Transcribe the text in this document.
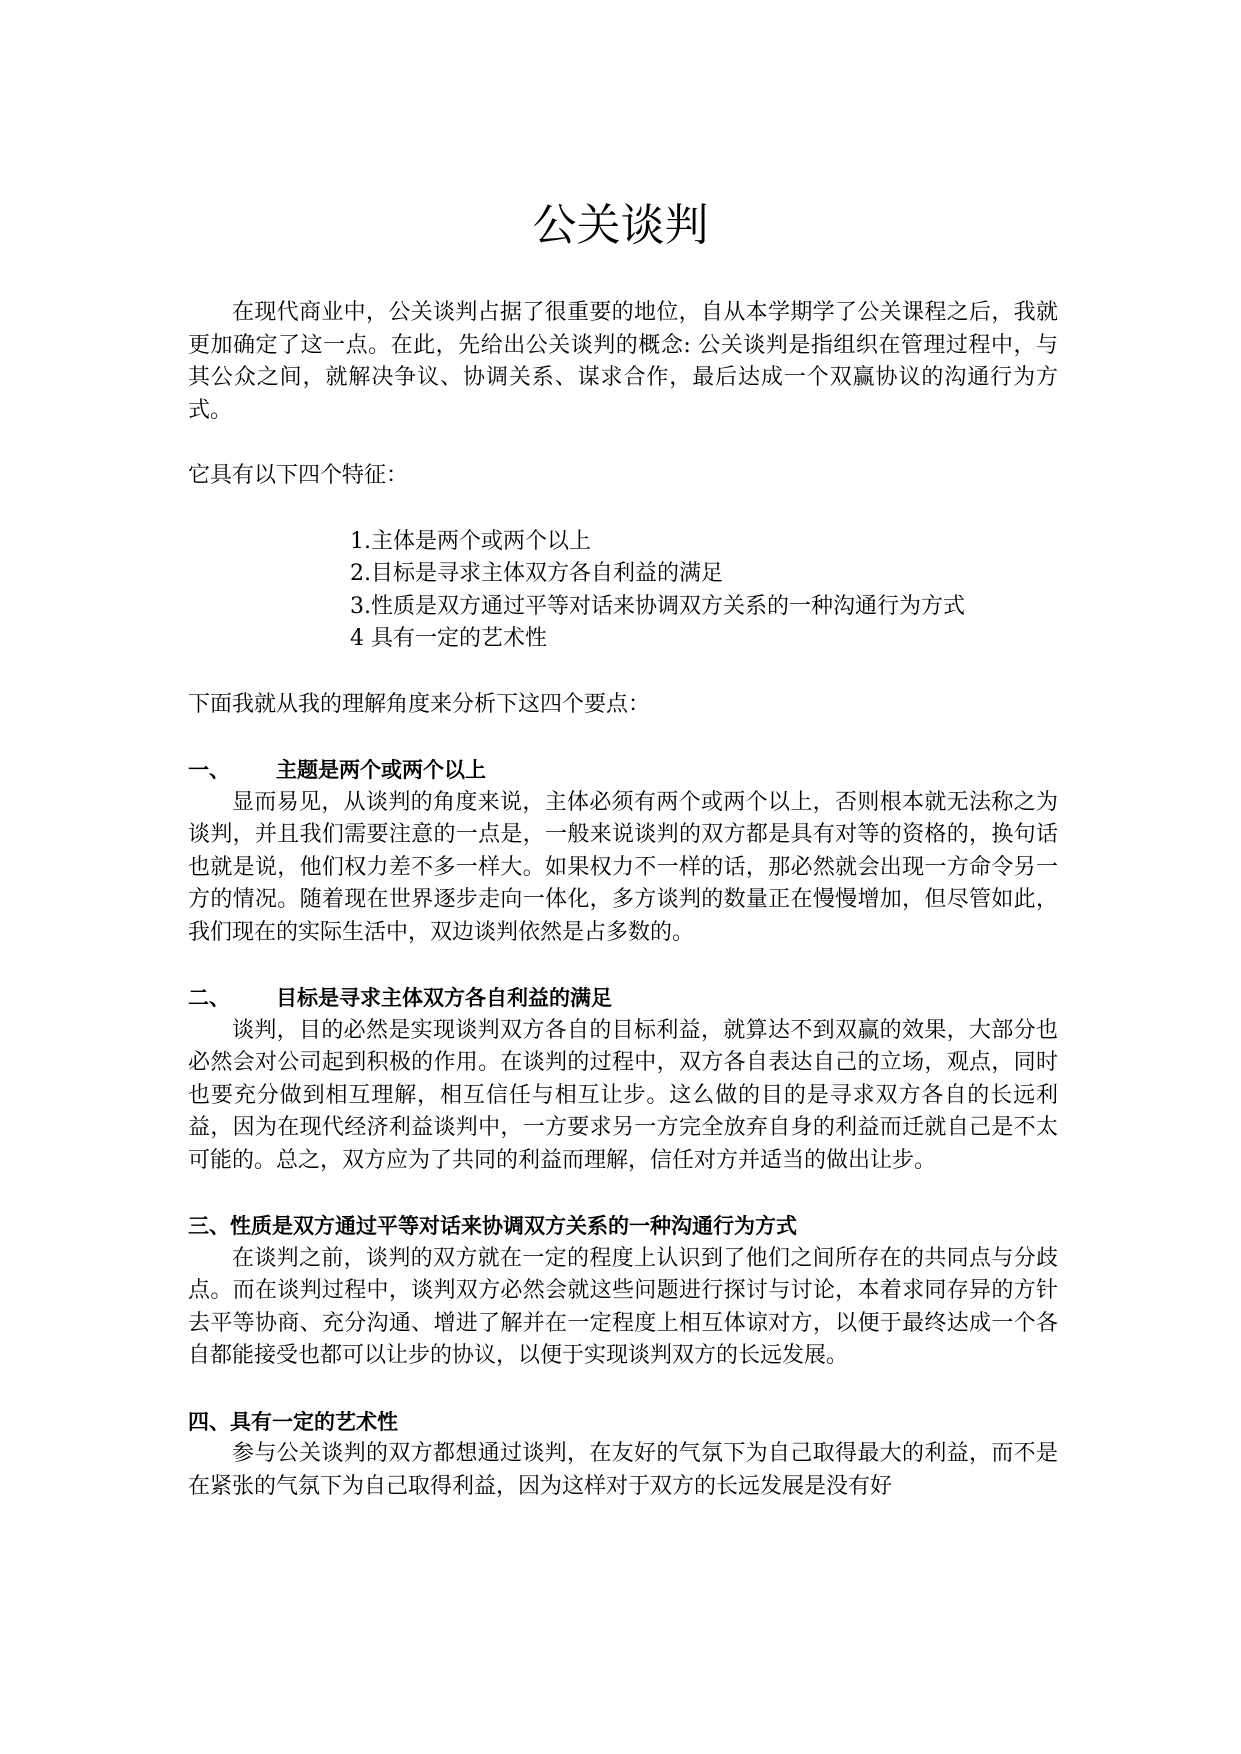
公关谈判

在现代商业中，公关谈判占据了很重要的地位，自从本学期学了公关课程之后，我就更加确定了这一点。在此，先给出公关谈判的概念: 公关谈判是指组织在管理过程中，与其公众之间，就解决争议、协调关系、谋求合作，最后达成一个双赢协议的沟通行为方式。

它具有以下四个特征：

1.主体是两个或两个以上
2.目标是寻求主体双方各自利益的满足
3.性质是双方通过平等对话来协调双方关系的一种沟通行为方式
4 具有一定的艺术性

下面我就从我的理解角度来分析下这四个要点：

一、 主题是两个或两个以上

显而易见，从谈判的角度来说，主体必须有两个或两个以上，否则根本就无法称之为谈判，并且我们需要注意的一点是，一般来说谈判的双方都是具有对等的资格的，换句话也就是说，他们权力差不多一样大。如果权力不一样的话，那必然就会出现一方命令另一方的情况。随着现在世界逐步走向一体化，多方谈判的数量正在慢慢增加，但尽管如此，我们现在的实际生活中，双边谈判依然是占多数的。

二、 目标是寻求主体双方各自利益的满足

谈判，目的必然是实现谈判双方各自的目标利益，就算达不到双赢的效果，大部分也必然会对公司起到积极的作用。在谈判的过程中，双方各自表达自己的立场，观点，同时也要充分做到相互理解，相互信任与相互让步。这么做的目的是寻求双方各自的长远利益，因为在现代经济利益谈判中，一方要求另一方完全放弃自身的利益而迁就自己是不太可能的。总之，双方应为了共同的利益而理解，信任对方并适当的做出让步。

三、性质是双方通过平等对话来协调双方关系的一种沟通行为方式

在谈判之前，谈判的双方就在一定的程度上认识到了他们之间所存在的共同点与分歧点。而在谈判过程中，谈判双方必然会就这些问题进行探讨与讨论，本着求同存异的方针去平等协商、充分沟通、增进了解并在一定程度上相互体谅对方，以便于最终达成一个各自都能接受也都可以让步的协议，以便于实现谈判双方的长远发展。

四、具有一定的艺术性

参与公关谈判的双方都想通过谈判，在友好的气氛下为自己取得最大的利益，而不是在紧张的气氛下为自己取得利益，因为这样对于双方的长远发展是没有好
